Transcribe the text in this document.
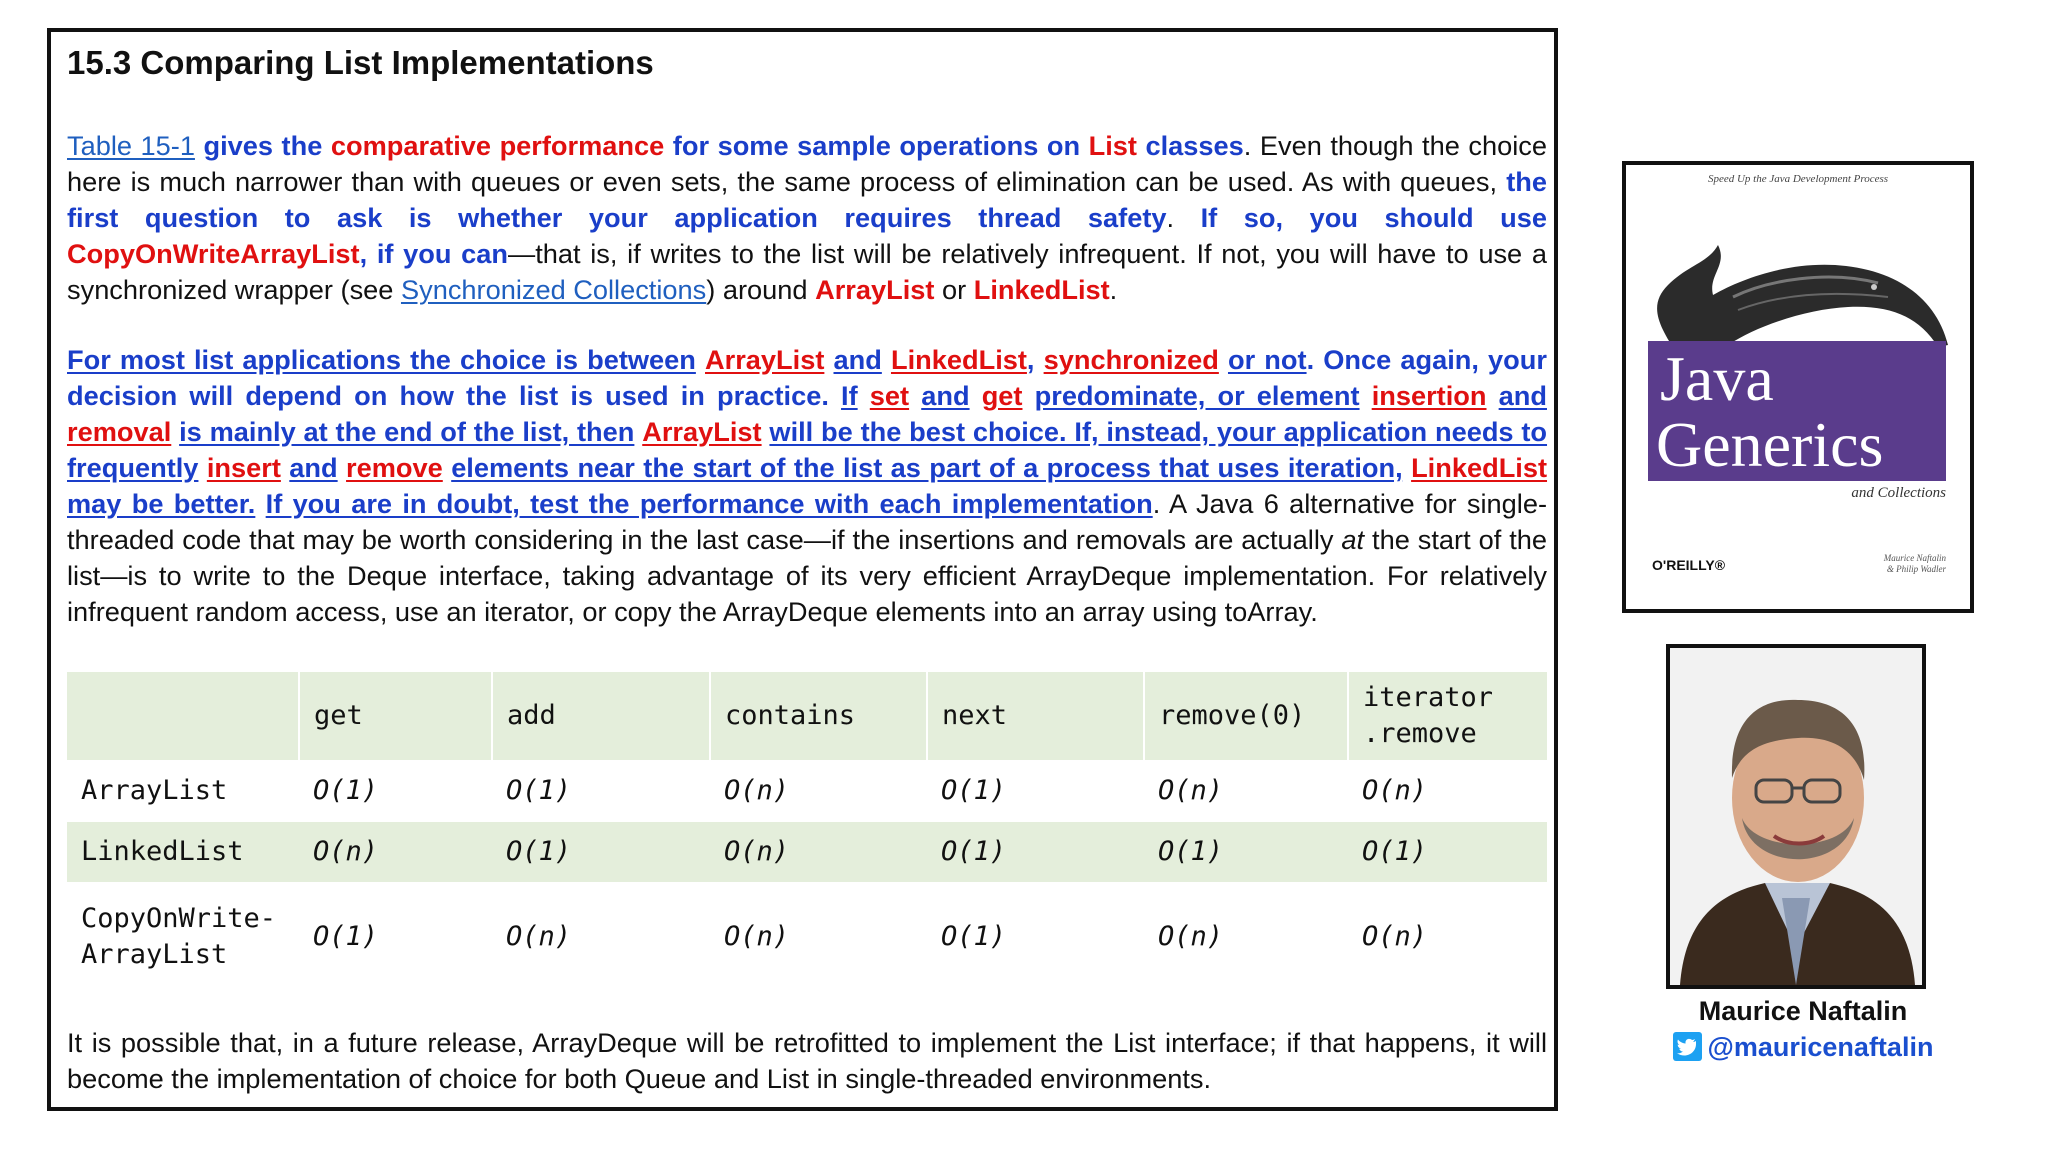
15.3 Comparing List Implementations

Table 15-1 gives the comparative performance for some sample operations on List classes. Even though the choice here is much narrower than with queues or even sets, the same process of elimination can be used. As with queues, the first question to ask is whether your application requires thread safety. If so, you should use CopyOnWriteArrayList, if you can—that is, if writes to the list will be relatively infrequent. If not, you will have to use a synchronized wrapper (see Synchronized Collections) around ArrayList or LinkedList.

For most list applications the choice is between ArrayList and LinkedList, synchronized or not. Once again, your decision will depend on how the list is used in practice. If set and get predominate, or element insertion and removal is mainly at the end of the list, then ArrayList will be the best choice. If, instead, your application needs to frequently insert and remove elements near the start of the list as part of a process that uses iteration, LinkedList may be better. If you are in doubt, test the performance with each implementation. A Java 6 alternative for single-threaded code that may be worth considering in the last case—if the insertions and removals are actually at the start of the list—is to write to the Deque interface, taking advantage of its very efficient ArrayDeque implementation. For relatively infrequent random access, use an iterator, or copy the ArrayDeque elements into an array using toArray.

	get	add	contains	next	remove(0)	iterator
.remove
ArrayList	O(1)	O(1)	O(n)	O(1)	O(n)	O(n)
LinkedList	O(n)	O(1)	O(n)	O(1)	O(1)	O(1)
CopyOnWrite-
ArrayList	O(1)	O(n)	O(n)	O(1)	O(n)	O(n)

It is possible that, in a future release, ArrayDeque will be retrofitted to implement the List interface; if that happens, it will become the implementation of choice for both Queue and List in single-threaded environments.

Speed Up the Java Development Process
Java
Generics
and Collections
O'REILLY®	Maurice Naftalin
& Philip Wadler
Maurice Naftalin
@mauricenaftalin
